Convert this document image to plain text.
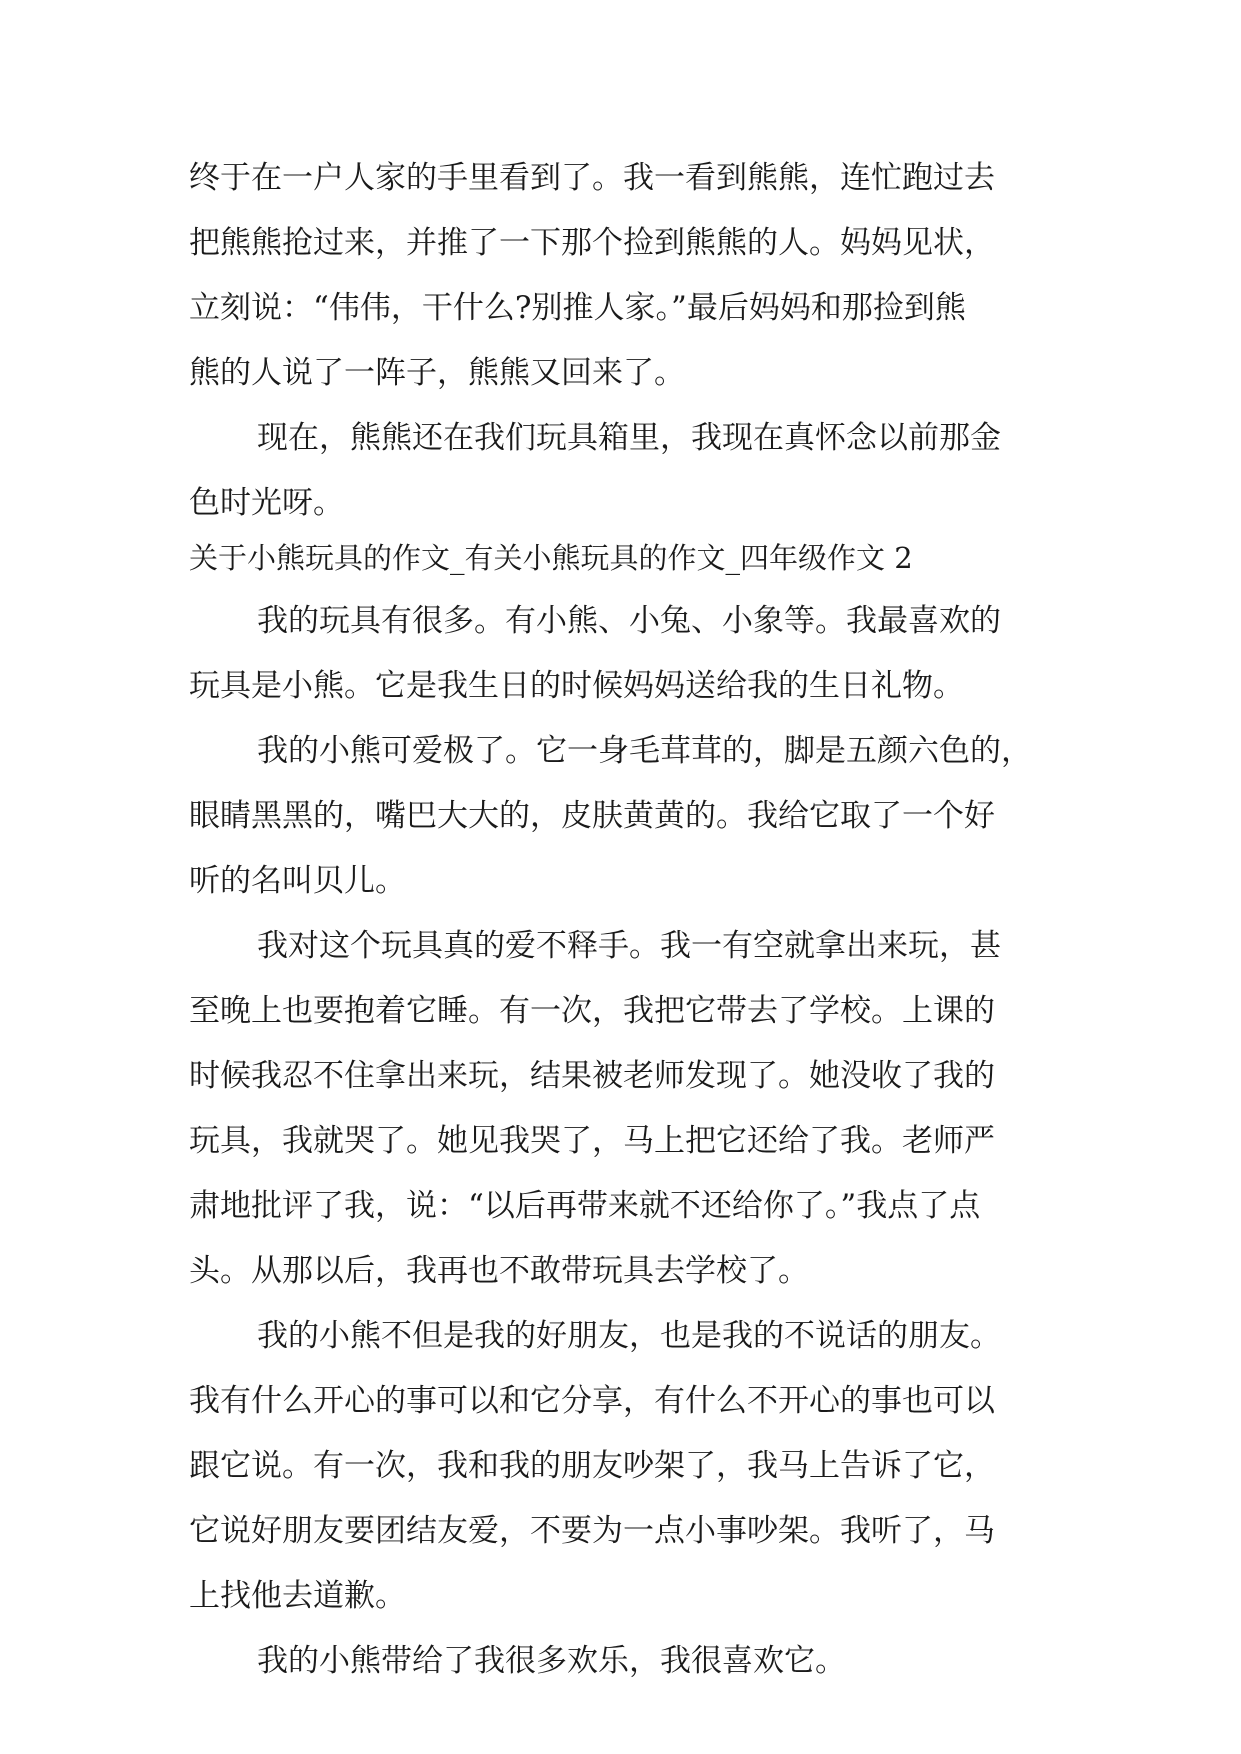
终于在一户人家的手里看到了。我一看到熊熊，连忙跑过去
把熊熊抢过来，并推了一下那个捡到熊熊的人。妈妈见状，
立刻说：“伟伟，干什么?别推人家。”最后妈妈和那捡到熊
熊的人说了一阵子，熊熊又回来了。
现在，熊熊还在我们玩具箱里，我现在真怀念以前那金
色时光呀。
关于小熊玩具的作文_有关小熊玩具的作文_四年级作文 2
我的玩具有很多。有小熊、小兔、小象等。我最喜欢的
玩具是小熊。它是我生日的时候妈妈送给我的生日礼物。
我的小熊可爱极了。它一身毛茸茸的，脚是五颜六色的，
眼睛黑黑的，嘴巴大大的，皮肤黄黄的。我给它取了一个好
听的名叫贝儿。
我对这个玩具真的爱不释手。我一有空就拿出来玩，甚
至晚上也要抱着它睡。有一次，我把它带去了学校。上课的
时候我忍不住拿出来玩，结果被老师发现了。她没收了我的
玩具，我就哭了。她见我哭了，马上把它还给了我。老师严
肃地批评了我，说：“以后再带来就不还给你了。”我点了点
头。从那以后，我再也不敢带玩具去学校了。
我的小熊不但是我的好朋友，也是我的不说话的朋友。
我有什么开心的事可以和它分享，有什么不开心的事也可以
跟它说。有一次，我和我的朋友吵架了，我马上告诉了它，
它说好朋友要团结友爱，不要为一点小事吵架。我听了，马
上找他去道歉。
我的小熊带给了我很多欢乐，我很喜欢它。
